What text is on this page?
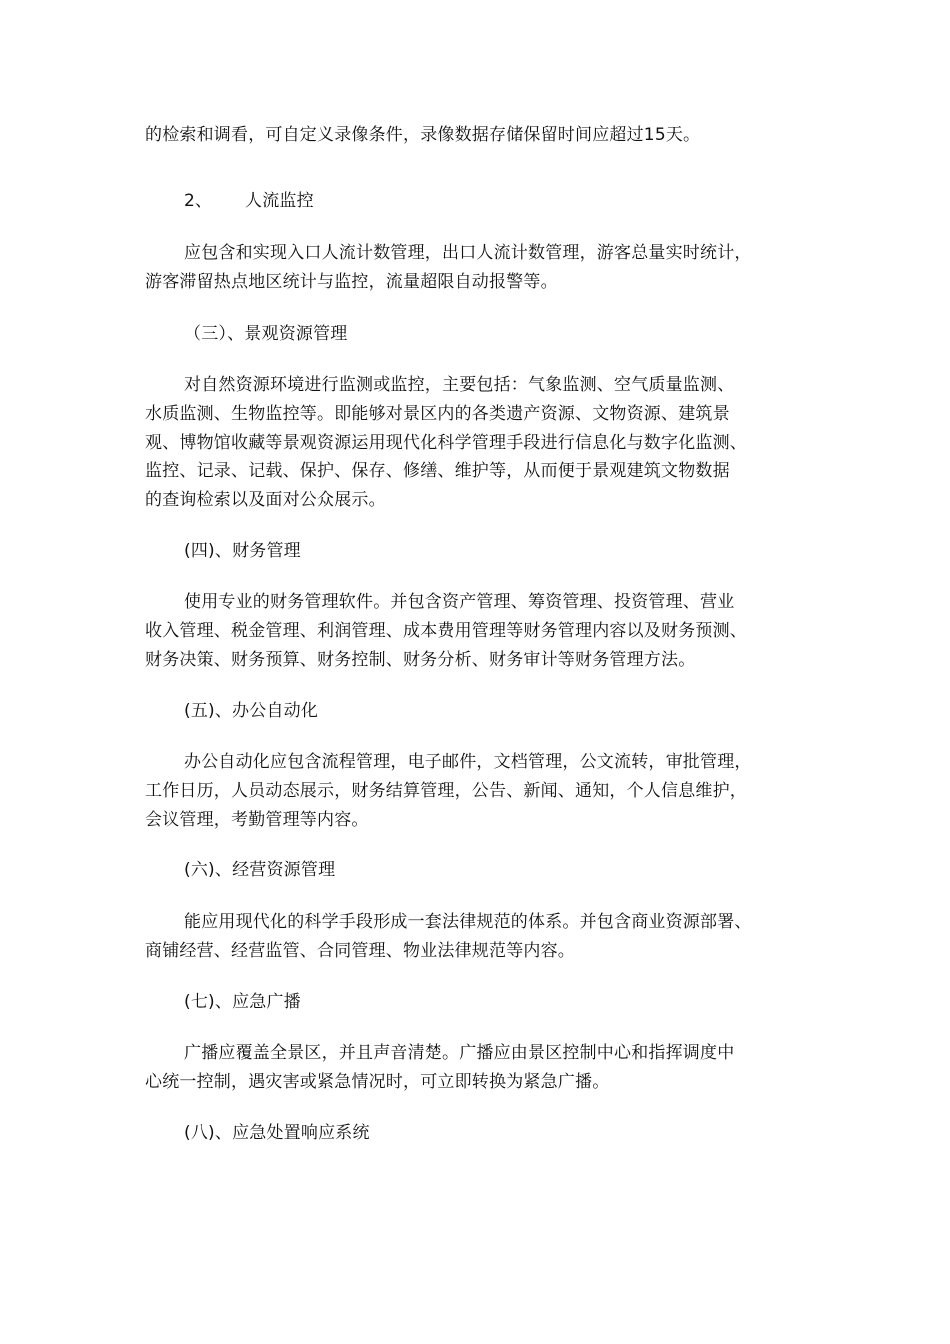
的检索和调看，可自定义录像条件，录像数据存储保留时间应超过15天。
2、 人流监控
应包含和实现入口人流计数管理，出口人流计数管理，游客总量实时统计，
游客滞留热点地区统计与监控，流量超限自动报警等。
（三）、景观资源管理
对自然资源环境进行监测或监控，主要包括：气象监测、空气质量监测、
水质监测、生物监控等。即能够对景区内的各类遗产资源、文物资源、建筑景
观、博物馆收藏等景观资源运用现代化科学管理手段进行信息化与数字化监测、
监控、记录、记载、保护、保存、修缮、维护等，从而便于景观建筑文物数据
的查询检索以及面对公众展示。
(四)、财务管理
使用专业的财务管理软件。并包含资产管理、筹资管理、投资管理、营业
收入管理、税金管理、利润管理、成本费用管理等财务管理内容以及财务预测、
财务决策、财务预算、财务控制、财务分析、财务审计等财务管理方法。
(五)、办公自动化
办公自动化应包含流程管理，电子邮件，文档管理，公文流转，审批管理，
工作日历，人员动态展示，财务结算管理，公告、新闻、通知，个人信息维护，
会议管理，考勤管理等内容。
(六)、经营资源管理
能应用现代化的科学手段形成一套法律规范的体系。并包含商业资源部署、
商铺经营、经营监管、合同管理、物业法律规范等内容。
(七)、应急广播
广播应覆盖全景区，并且声音清楚。广播应由景区控制中心和指挥调度中
心统一控制，遇灾害或紧急情况时，可立即转换为紧急广播。
(八)、应急处置响应系统
